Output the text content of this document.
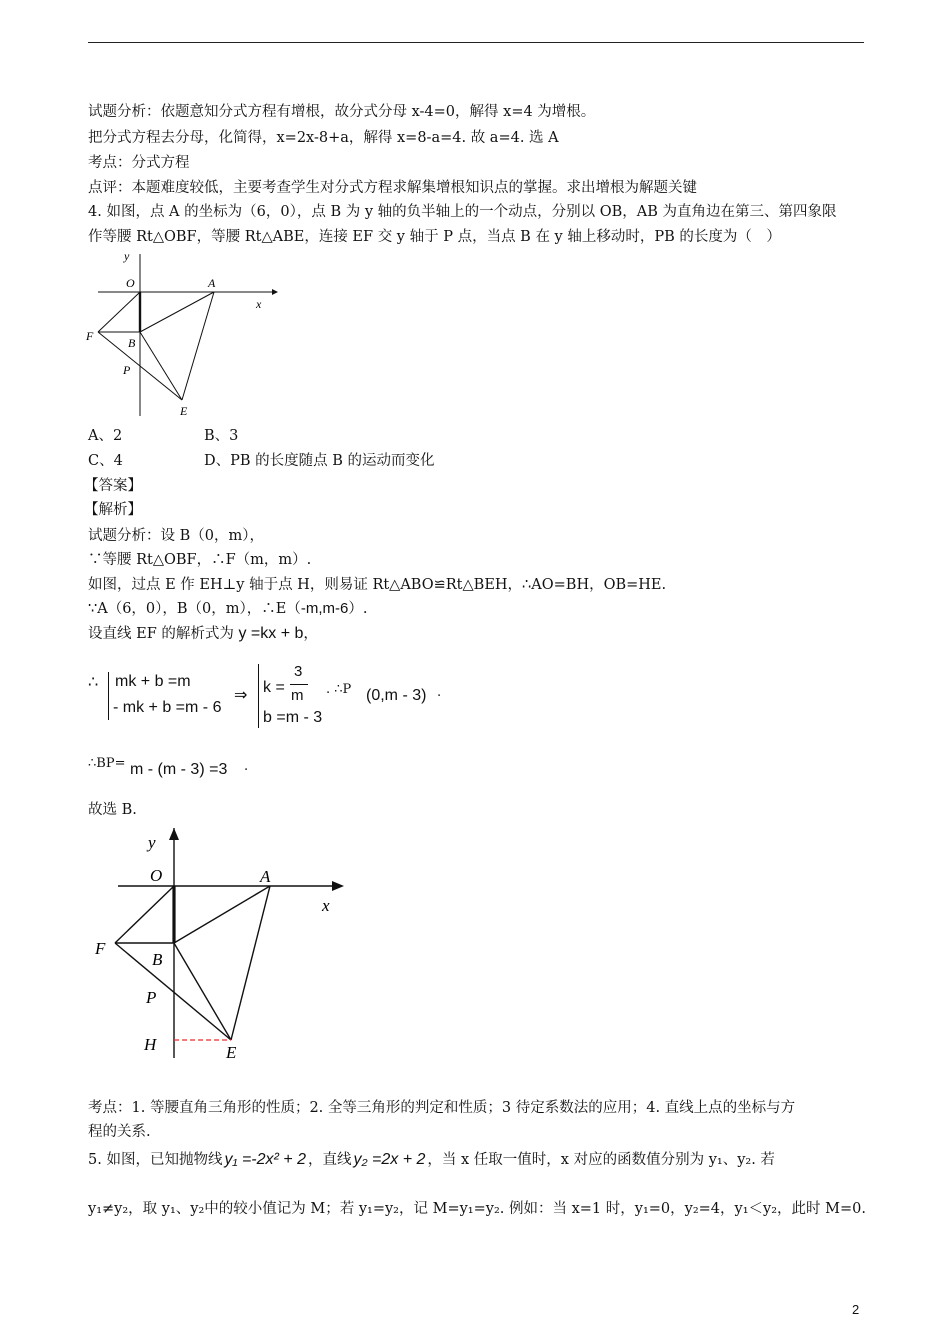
试题分析：依题意知分式方程有增根，故分式分母 x-4=0，解得 x=4 为增根。
把分式方程去分母，化简得，x=2x-8+a，解得 x=8-a=4. 故 a=4. 选 A
考点：分式方程
点评：本题难度较低，主要考查学生对分式方程求解集增根知识点的掌握。求出增根为解题关键
4. 如图，点 A 的坐标为（6，0），点 B 为 y 轴的负半轴上的一个动点，分别以 OB，AB 为直角边在第三、第四象限
作等腰 Rt△OBF，等腰 Rt△ABE，连接 EF 交 y 轴于 P 点，当点 B 在 y 轴上移动时，PB 的长度为（　）
y
O	A
x
F	B
P
E
A、2	B、3
C、4	D、PB 的长度随点 B 的运动而变化
【答案】
【解析】
试题分析：设 B（0，m），
∵等腰 Rt△OBF，∴F（m，m）.
如图，过点 E 作 EH⊥y 轴于点 H，则易证 Rt△ABO≌Rt△BEH，∴AO=BH，OB=HE.
∵A（6，0），B（0，m），∴E（-m,m-6）.
设直线 EF 的解析式为 y =kx + b，
∴ mk + b =m
- mk + b =m - 6
⇒ k =
3
m
b =m - 3
. ∴P (0,m - 3) .
∴BP= m - (m - 3) =3 .
故选 B.
y
O	A
x
F
B
P
H	E
考点：1. 等腰直角三角形的性质；2. 全等三角形的判定和性质；3 待定系数法的应用；4. 直线上点的坐标与方
程的关系.
5. 如图，已知抛物线 y₁ =-2x² + 2 ，直线 y₂ =2x + 2 ，当 x 任取一值时，x 对应的函数值分别为 y₁、y₂. 若
y₁≠y₂，取 y₁、y₂中的较小值记为 M；若 y₁=y₂，记 M=y₁=y₂. 例如：当 x=1 时，y₁=0，y₂=4，y₁＜y₂，此时 M=0.
2
